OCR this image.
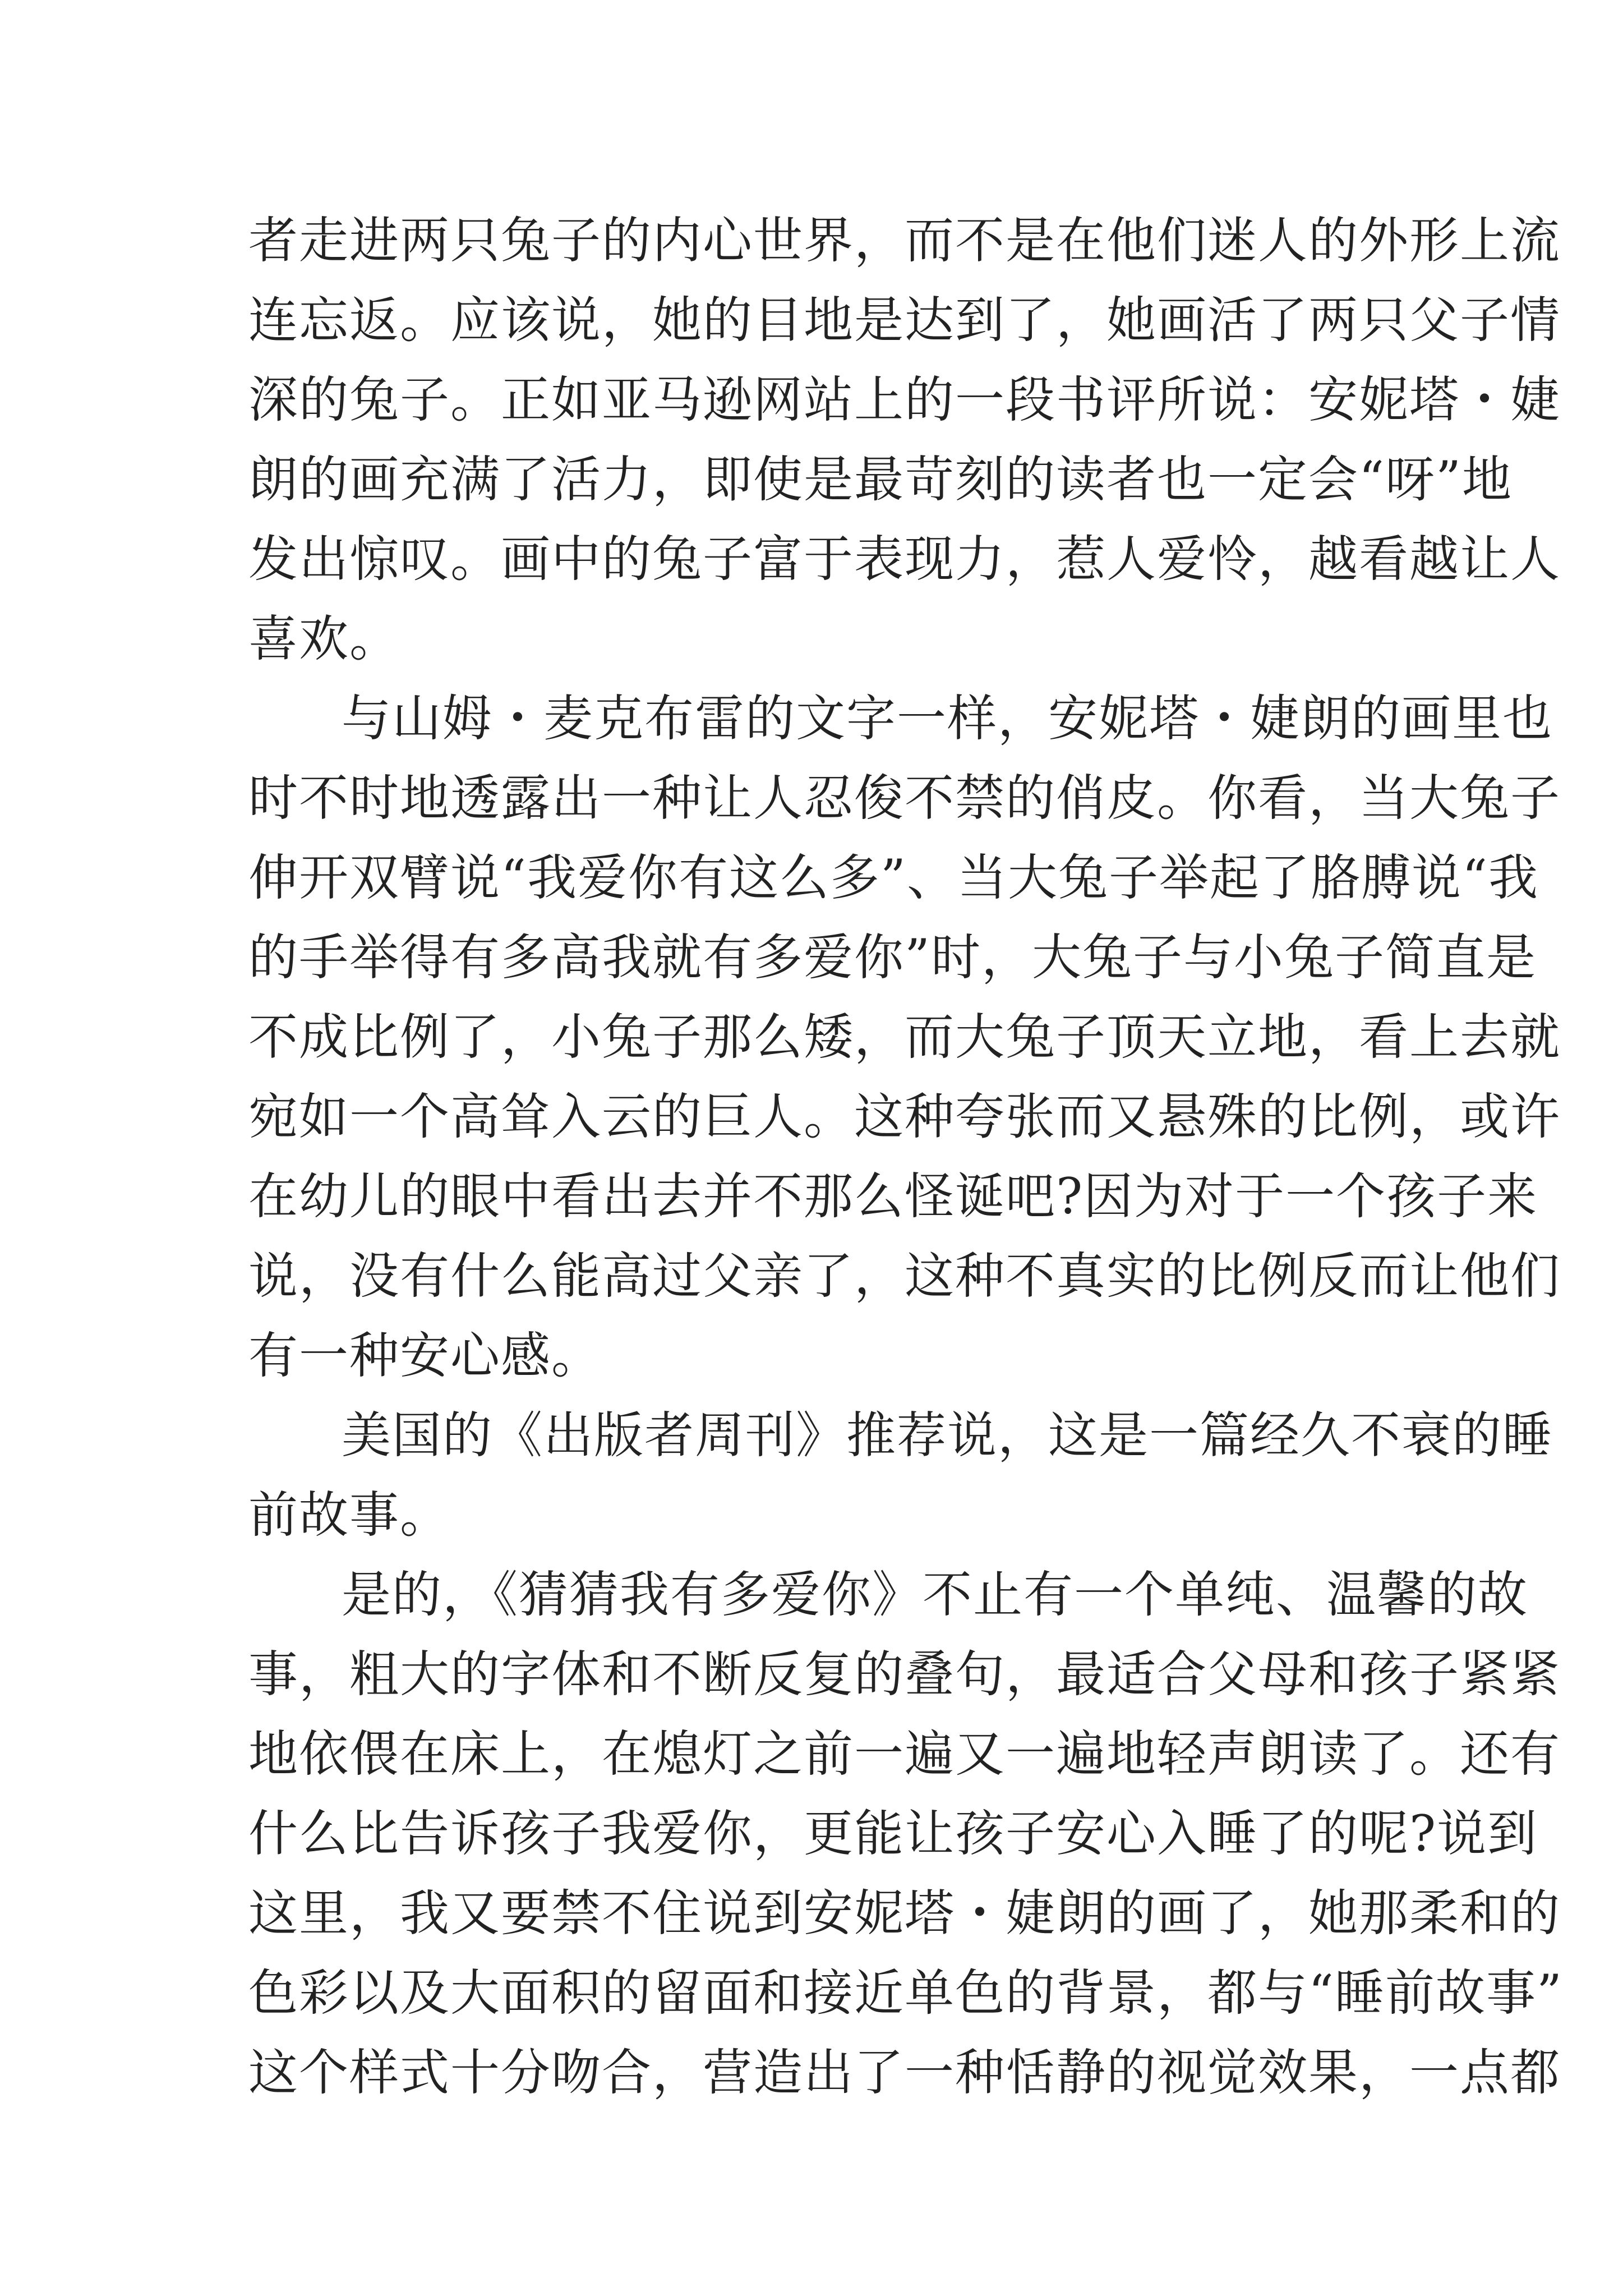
者走进两只兔子的内心世界，而不是在他们迷人的外形上流
连忘返。应该说，她的目地是达到了，她画活了两只父子情
深的兔子。正如亚马逊网站上的一段书评所说：安妮塔・婕
朗的画充满了活力，即使是最苛刻的读者也一定会“呀”地
发出惊叹。画中的兔子富于表现力，惹人爱怜，越看越让人
喜欢。
与山姆・麦克布雷的文字一样，安妮塔・婕朗的画里也
时不时地透露出一种让人忍俊不禁的俏皮。你看，当大兔子
伸开双臂说“我爱你有这么多”、当大兔子举起了胳膊说“我
的手举得有多高我就有多爱你”时，大兔子与小兔子简直是
不成比例了，小兔子那么矮，而大兔子顶天立地，看上去就
宛如一个高耸入云的巨人。这种夸张而又悬殊的比例，或许
在幼儿的眼中看出去并不那么怪诞吧?因为对于一个孩子来
说，没有什么能高过父亲了，这种不真实的比例反而让他们
有一种安心感。
美国的《出版者周刊》推荐说，这是一篇经久不衰的睡
前故事。
是的，《猜猜我有多爱你》不止有一个单纯、温馨的故
事，粗大的字体和不断反复的叠句，最适合父母和孩子紧紧
地依偎在床上，在熄灯之前一遍又一遍地轻声朗读了。还有
什么比告诉孩子我爱你，更能让孩子安心入睡了的呢?说到
这里，我又要禁不住说到安妮塔・婕朗的画了，她那柔和的
色彩以及大面积的留面和接近单色的背景，都与“睡前故事”
这个样式十分吻合，营造出了一种恬静的视觉效果，一点都
